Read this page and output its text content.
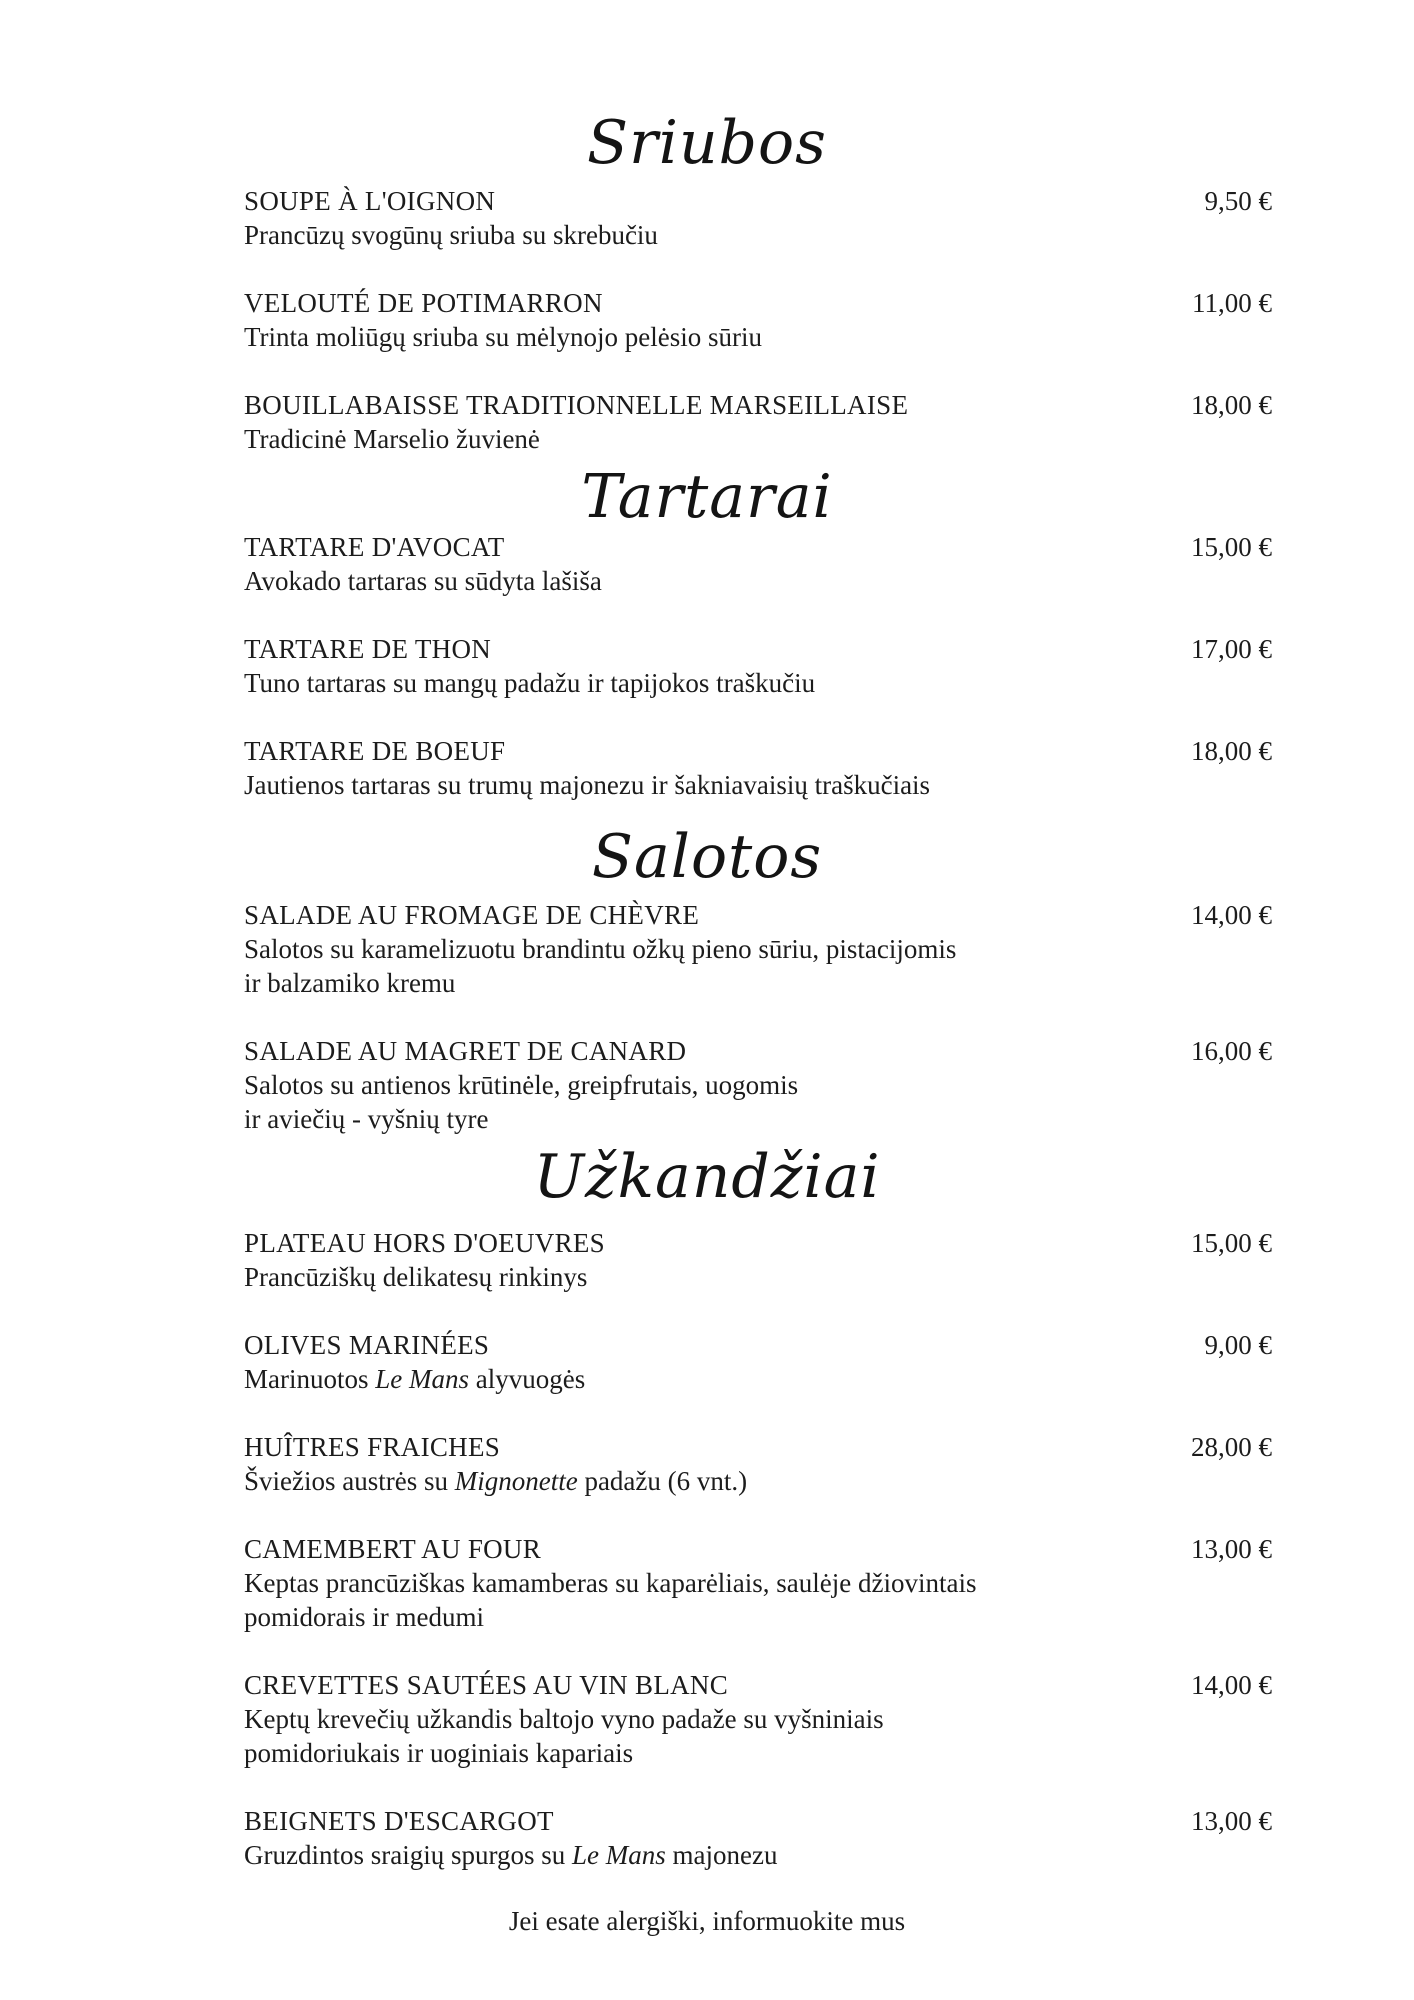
Sriubos
SOUPE À L'OIGNON	9,50 €
Prancūzų svogūnų sriuba su skrebučiu
VELOUTÉ DE POTIMARRON	11,00 €
Trinta moliūgų sriuba su mėlynojo pelėsio sūriu
BOUILLABAISSE TRADITIONNELLE MARSEILLAISE	18,00 €
Tradicinė Marselio žuvienė
Tartarai
TARTARE D'AVOCAT	15,00 €
Avokado tartaras su sūdyta lašiša
TARTARE DE THON	17,00 €
Tuno tartaras su mangų padažu ir tapijokos traškučiu
TARTARE DE BOEUF	18,00 €
Jautienos tartaras su trumų majonezu ir šakniavaisių traškučiais
Salotos
SALADE AU FROMAGE DE CHÈVRE	14,00 €
Salotos su karamelizuotu brandintu ožkų pieno sūriu, pistacijomis
ir balzamiko kremu
SALADE AU MAGRET DE CANARD	16,00 €
Salotos su antienos krūtinėle, greipfrutais, uogomis
ir aviečių - vyšnių tyre
Užkandžiai
PLATEAU HORS D'OEUVRES	15,00 €
Prancūziškų delikatesų rinkinys
OLIVES MARINÉES	9,00 €
Marinuotos Le Mans alyvuogės
HUÎTRES FRAICHES	28,00 €
Šviežios austrės su Mignonette padažu (6 vnt.)
CAMEMBERT AU FOUR	13,00 €
Keptas prancūziškas kamamberas su kaparėliais, saulėje džiovintais
pomidorais ir medumi
CREVETTES SAUTÉES AU VIN BLANC	14,00 €
Keptų krevečių užkandis baltojo vyno padaže su vyšniniais
pomidoriukais ir uoginiais kapariais
BEIGNETS D'ESCARGOT	13,00 €
Gruzdintos sraigių spurgos su Le Mans majonezu
Jei esate alergiški, informuokite mus
